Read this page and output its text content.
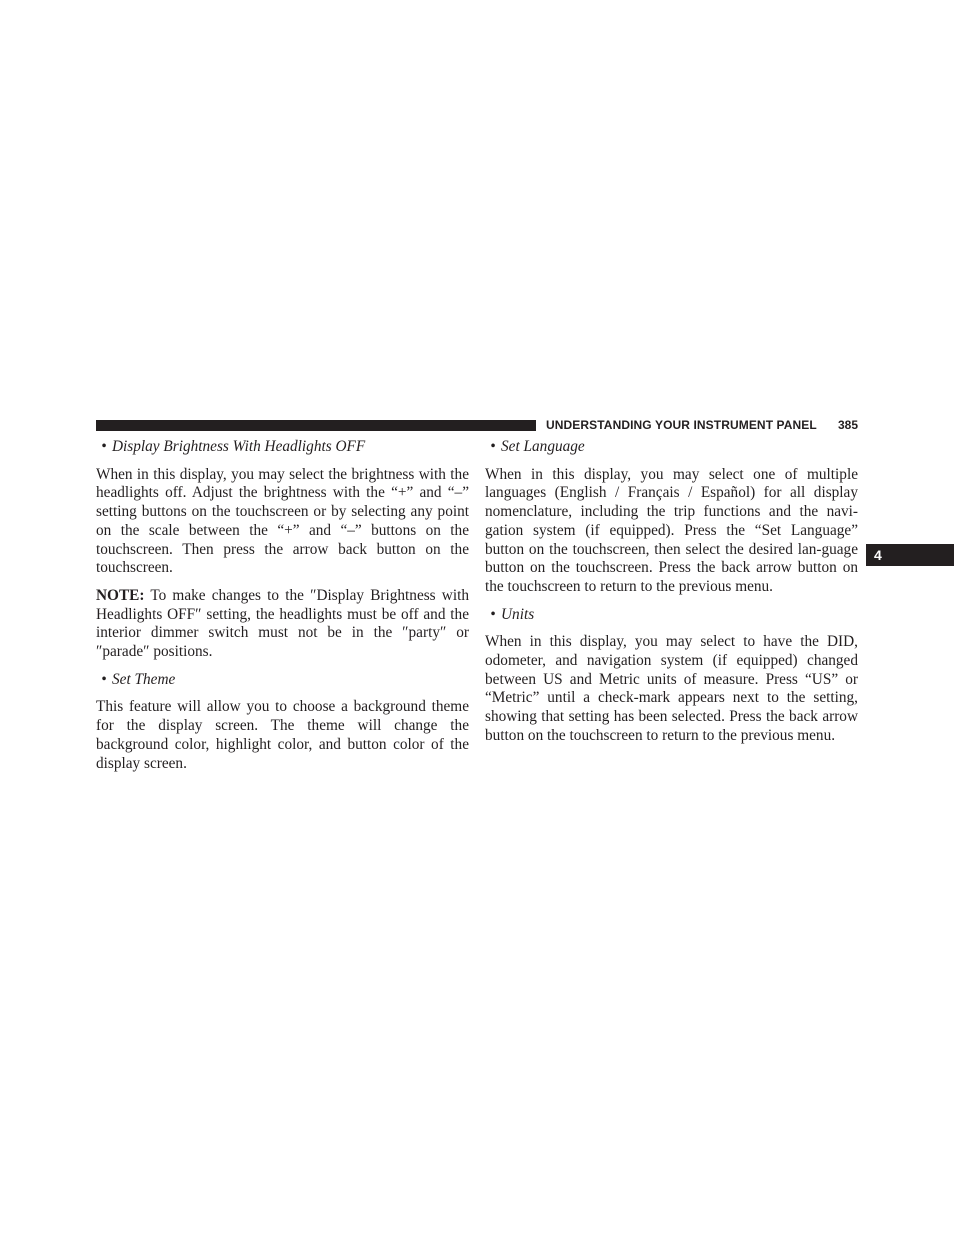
UNDERSTANDING YOUR INSTRUMENT PANEL 385
4

• Display Brightness With Headlights OFF

When in this display, you may select the brightness with the headlights off. Adjust the brightness with the “+” and “–” setting buttons on the touchscreen or by selecting any point on the scale between the “+” and “–” buttons on the touchscreen. Then press the arrow back button on the touchscreen.

NOTE: To make changes to the ″Display Brightness with Headlights OFF″ setting, the headlights must be off and the interior dimmer switch must not be in the ″party″ or ″parade″ positions.

• Set Theme

This feature will allow you to choose a background theme for the display screen. The theme will change the background color, highlight color, and button color of the display screen.

• Set Language

When in this display, you may select one of multiple languages (English / Français / Español) for all display nomenclature, including the trip functions and the navi-gation system (if equipped). Press the “Set Language” button on the touchscreen, then select the desired lan-guage button on the touchscreen. Press the back arrow button on the touchscreen to return to the previous menu.

• Units

When in this display, you may select to have the DID, odometer, and navigation system (if equipped) changed between US and Metric units of measure. Press “US” or “Metric” until a check-mark appears next to the setting, showing that setting has been selected. Press the back arrow button on the touchscreen to return to the previous menu.
